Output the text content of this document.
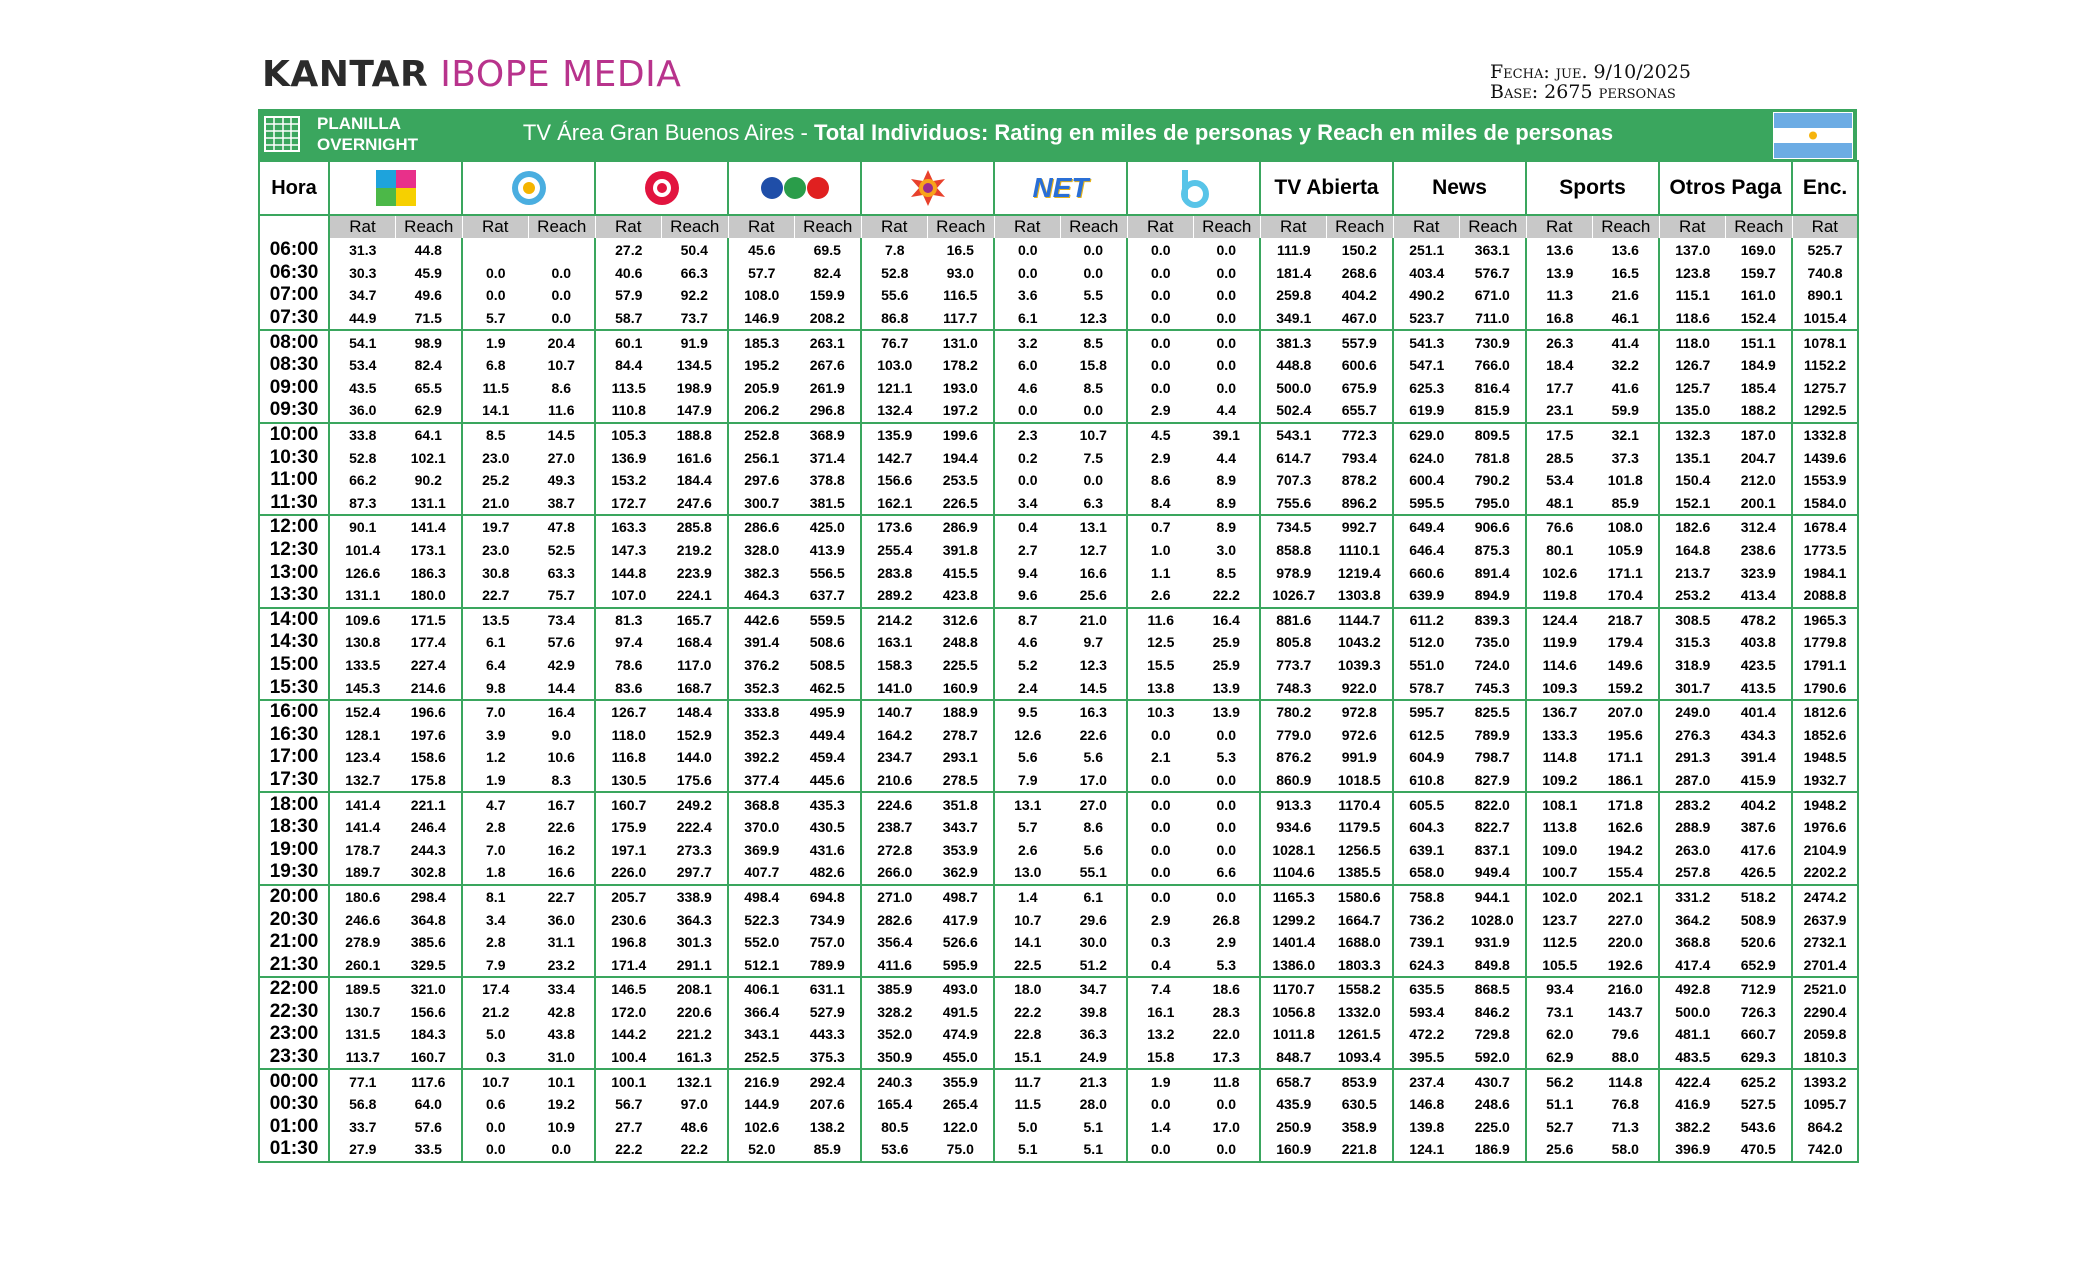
KANTAR IBOPE MEDIA	Fecha: jue. 9/10/2025
Base: 2675 personas
PLANILLA
OVERNIGHT	TV Área Gran Buenos Aires - Total Individuos: Rating en miles de personas y Reach en miles de personas
Hora											NET				TV Abierta		News		Sports		Otros Paga		Enc.
	Rat	Reach	Rat	Reach	Rat	Reach	Rat	Reach	Rat	Reach	Rat	Reach	Rat	Reach	Rat	Reach	Rat	Reach	Rat	Reach	Rat	Reach	Rat
06:00	31.3	44.8			27.2	50.4	45.6	69.5	7.8	16.5	0.0	0.0	0.0	0.0	111.9	150.2	251.1	363.1	13.6	13.6	137.0	169.0	525.7
06:30	30.3	45.9	0.0	0.0	40.6	66.3	57.7	82.4	52.8	93.0	0.0	0.0	0.0	0.0	181.4	268.6	403.4	576.7	13.9	16.5	123.8	159.7	740.8
07:00	34.7	49.6	0.0	0.0	57.9	92.2	108.0	159.9	55.6	116.5	3.6	5.5	0.0	0.0	259.8	404.2	490.2	671.0	11.3	21.6	115.1	161.0	890.1
07:30	44.9	71.5	5.7	0.0	58.7	73.7	146.9	208.2	86.8	117.7	6.1	12.3	0.0	0.0	349.1	467.0	523.7	711.0	16.8	46.1	118.6	152.4	1015.4
08:00	54.1	98.9	1.9	20.4	60.1	91.9	185.3	263.1	76.7	131.0	3.2	8.5	0.0	0.0	381.3	557.9	541.3	730.9	26.3	41.4	118.0	151.1	1078.1
08:30	53.4	82.4	6.8	10.7	84.4	134.5	195.2	267.6	103.0	178.2	6.0	15.8	0.0	0.0	448.8	600.6	547.1	766.0	18.4	32.2	126.7	184.9	1152.2
09:00	43.5	65.5	11.5	8.6	113.5	198.9	205.9	261.9	121.1	193.0	4.6	8.5	0.0	0.0	500.0	675.9	625.3	816.4	17.7	41.6	125.7	185.4	1275.7
09:30	36.0	62.9	14.1	11.6	110.8	147.9	206.2	296.8	132.4	197.2	0.0	0.0	2.9	4.4	502.4	655.7	619.9	815.9	23.1	59.9	135.0	188.2	1292.5
10:00	33.8	64.1	8.5	14.5	105.3	188.8	252.8	368.9	135.9	199.6	2.3	10.7	4.5	39.1	543.1	772.3	629.0	809.5	17.5	32.1	132.3	187.0	1332.8
10:30	52.8	102.1	23.0	27.0	136.9	161.6	256.1	371.4	142.7	194.4	0.2	7.5	2.9	4.4	614.7	793.4	624.0	781.8	28.5	37.3	135.1	204.7	1439.6
11:00	66.2	90.2	25.2	49.3	153.2	184.4	297.6	378.8	156.6	253.5	0.0	0.0	8.6	8.9	707.3	878.2	600.4	790.2	53.4	101.8	150.4	212.0	1553.9
11:30	87.3	131.1	21.0	38.7	172.7	247.6	300.7	381.5	162.1	226.5	3.4	6.3	8.4	8.9	755.6	896.2	595.5	795.0	48.1	85.9	152.1	200.1	1584.0
12:00	90.1	141.4	19.7	47.8	163.3	285.8	286.6	425.0	173.6	286.9	0.4	13.1	0.7	8.9	734.5	992.7	649.4	906.6	76.6	108.0	182.6	312.4	1678.4
12:30	101.4	173.1	23.0	52.5	147.3	219.2	328.0	413.9	255.4	391.8	2.7	12.7	1.0	3.0	858.8	1110.1	646.4	875.3	80.1	105.9	164.8	238.6	1773.5
13:00	126.6	186.3	30.8	63.3	144.8	223.9	382.3	556.5	283.8	415.5	9.4	16.6	1.1	8.5	978.9	1219.4	660.6	891.4	102.6	171.1	213.7	323.9	1984.1
13:30	131.1	180.0	22.7	75.7	107.0	224.1	464.3	637.7	289.2	423.8	9.6	25.6	2.6	22.2	1026.7	1303.8	639.9	894.9	119.8	170.4	253.2	413.4	2088.8
14:00	109.6	171.5	13.5	73.4	81.3	165.7	442.6	559.5	214.2	312.6	8.7	21.0	11.6	16.4	881.6	1144.7	611.2	839.3	124.4	218.7	308.5	478.2	1965.3
14:30	130.8	177.4	6.1	57.6	97.4	168.4	391.4	508.6	163.1	248.8	4.6	9.7	12.5	25.9	805.8	1043.2	512.0	735.0	119.9	179.4	315.3	403.8	1779.8
15:00	133.5	227.4	6.4	42.9	78.6	117.0	376.2	508.5	158.3	225.5	5.2	12.3	15.5	25.9	773.7	1039.3	551.0	724.0	114.6	149.6	318.9	423.5	1791.1
15:30	145.3	214.6	9.8	14.4	83.6	168.7	352.3	462.5	141.0	160.9	2.4	14.5	13.8	13.9	748.3	922.0	578.7	745.3	109.3	159.2	301.7	413.5	1790.6
16:00	152.4	196.6	7.0	16.4	126.7	148.4	333.8	495.9	140.7	188.9	9.5	16.3	10.3	13.9	780.2	972.8	595.7	825.5	136.7	207.0	249.0	401.4	1812.6
16:30	128.1	197.6	3.9	9.0	118.0	152.9	352.3	449.4	164.2	278.7	12.6	22.6	0.0	0.0	779.0	972.6	612.5	789.9	133.3	195.6	276.3	434.3	1852.6
17:00	123.4	158.6	1.2	10.6	116.8	144.0	392.2	459.4	234.7	293.1	5.6	5.6	2.1	5.3	876.2	991.9	604.9	798.7	114.8	171.1	291.3	391.4	1948.5
17:30	132.7	175.8	1.9	8.3	130.5	175.6	377.4	445.6	210.6	278.5	7.9	17.0	0.0	0.0	860.9	1018.5	610.8	827.9	109.2	186.1	287.0	415.9	1932.7
18:00	141.4	221.1	4.7	16.7	160.7	249.2	368.8	435.3	224.6	351.8	13.1	27.0	0.0	0.0	913.3	1170.4	605.5	822.0	108.1	171.8	283.2	404.2	1948.2
18:30	141.4	246.4	2.8	22.6	175.9	222.4	370.0	430.5	238.7	343.7	5.7	8.6	0.0	0.0	934.6	1179.5	604.3	822.7	113.8	162.6	288.9	387.6	1976.6
19:00	178.7	244.3	7.0	16.2	197.1	273.3	369.9	431.6	272.8	353.9	2.6	5.6	0.0	0.0	1028.1	1256.5	639.1	837.1	109.0	194.2	263.0	417.6	2104.9
19:30	189.7	302.8	1.8	16.6	226.0	297.7	407.7	482.6	266.0	362.9	13.0	55.1	0.0	6.6	1104.6	1385.5	658.0	949.4	100.7	155.4	257.8	426.5	2202.2
20:00	180.6	298.4	8.1	22.7	205.7	338.9	498.4	694.8	271.0	498.7	1.4	6.1	0.0	0.0	1165.3	1580.6	758.8	944.1	102.0	202.1	331.2	518.2	2474.2
20:30	246.6	364.8	3.4	36.0	230.6	364.3	522.3	734.9	282.6	417.9	10.7	29.6	2.9	26.8	1299.2	1664.7	736.2	1028.0	123.7	227.0	364.2	508.9	2637.9
21:00	278.9	385.6	2.8	31.1	196.8	301.3	552.0	757.0	356.4	526.6	14.1	30.0	0.3	2.9	1401.4	1688.0	739.1	931.9	112.5	220.0	368.8	520.6	2732.1
21:30	260.1	329.5	7.9	23.2	171.4	291.1	512.1	789.9	411.6	595.9	22.5	51.2	0.4	5.3	1386.0	1803.3	624.3	849.8	105.5	192.6	417.4	652.9	2701.4
22:00	189.5	321.0	17.4	33.4	146.5	208.1	406.1	631.1	385.9	493.0	18.0	34.7	7.4	18.6	1170.7	1558.2	635.5	868.5	93.4	216.0	492.8	712.9	2521.0
22:30	130.7	156.6	21.2	42.8	172.0	220.6	366.4	527.9	328.2	491.5	22.2	39.8	16.1	28.3	1056.8	1332.0	593.4	846.2	73.1	143.7	500.0	726.3	2290.4
23:00	131.5	184.3	5.0	43.8	144.2	221.2	343.1	443.3	352.0	474.9	22.8	36.3	13.2	22.0	1011.8	1261.5	472.2	729.8	62.0	79.6	481.1	660.7	2059.8
23:30	113.7	160.7	0.3	31.0	100.4	161.3	252.5	375.3	350.9	455.0	15.1	24.9	15.8	17.3	848.7	1093.4	395.5	592.0	62.9	88.0	483.5	629.3	1810.3
00:00	77.1	117.6	10.7	10.1	100.1	132.1	216.9	292.4	240.3	355.9	11.7	21.3	1.9	11.8	658.7	853.9	237.4	430.7	56.2	114.8	422.4	625.2	1393.2
00:30	56.8	64.0	0.6	19.2	56.7	97.0	144.9	207.6	165.4	265.4	11.5	28.0	0.0	0.0	435.9	630.5	146.8	248.6	51.1	76.8	416.9	527.5	1095.7
01:00	33.7	57.6	0.0	10.9	27.7	48.6	102.6	138.2	80.5	122.0	5.0	5.1	1.4	17.0	250.9	358.9	139.8	225.0	52.7	71.3	382.2	543.6	864.2
01:30	27.9	33.5	0.0	0.0	22.2	22.2	52.0	85.9	53.6	75.0	5.1	5.1	0.0	0.0	160.9	221.8	124.1	186.9	25.6	58.0	396.9	470.5	742.0
